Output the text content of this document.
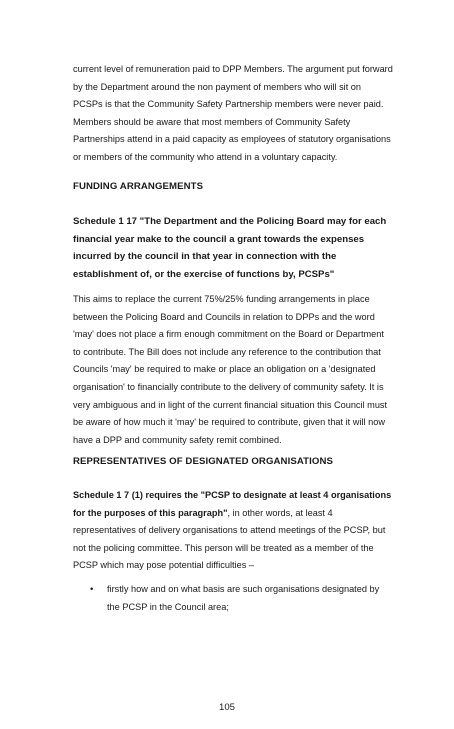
current level of remuneration paid to DPP Members. The argument put forward by the Department around the non payment of members who will sit on PCSPs is that the Community Safety Partnership members were never paid. Members should be aware that most members of Community Safety Partnerships attend in a paid capacity as employees of statutory organisations or members of the community who attend in a voluntary capacity.

FUNDING ARRANGEMENTS

Schedule 1 17 "The Department and the Policing Board may for each financial year make to the council a grant towards the expenses incurred by the council in that year in connection with the establishment of, or the exercise of functions by, PCSPs"

This aims to replace the current 75%/25% funding arrangements in place between the Policing Board and Councils in relation to DPPs and the word 'may' does not place a firm enough commitment on the Board or Department to contribute. The Bill does not include any reference to the contribution that Councils 'may' be required to make or place an obligation on a 'designated organisation' to financially contribute to the delivery of community safety. It is very ambiguous and in light of the current financial situation this Council must be aware of how much it 'may' be required to contribute, given that it will now have a DPP and community safety remit combined.

REPRESENTATIVES OF DESIGNATED ORGANISATIONS

Schedule 1 7 (1) requires the "PCSP to designate at least 4 organisations for the purposes of this paragraph", in other words, at least 4 representatives of delivery organisations to attend meetings of the PCSP, but not the policing committee. This person will be treated as a member of the PCSP which may pose potential difficulties –

• firstly how and on what basis are such organisations designated by the PCSP in the Council area;

105
